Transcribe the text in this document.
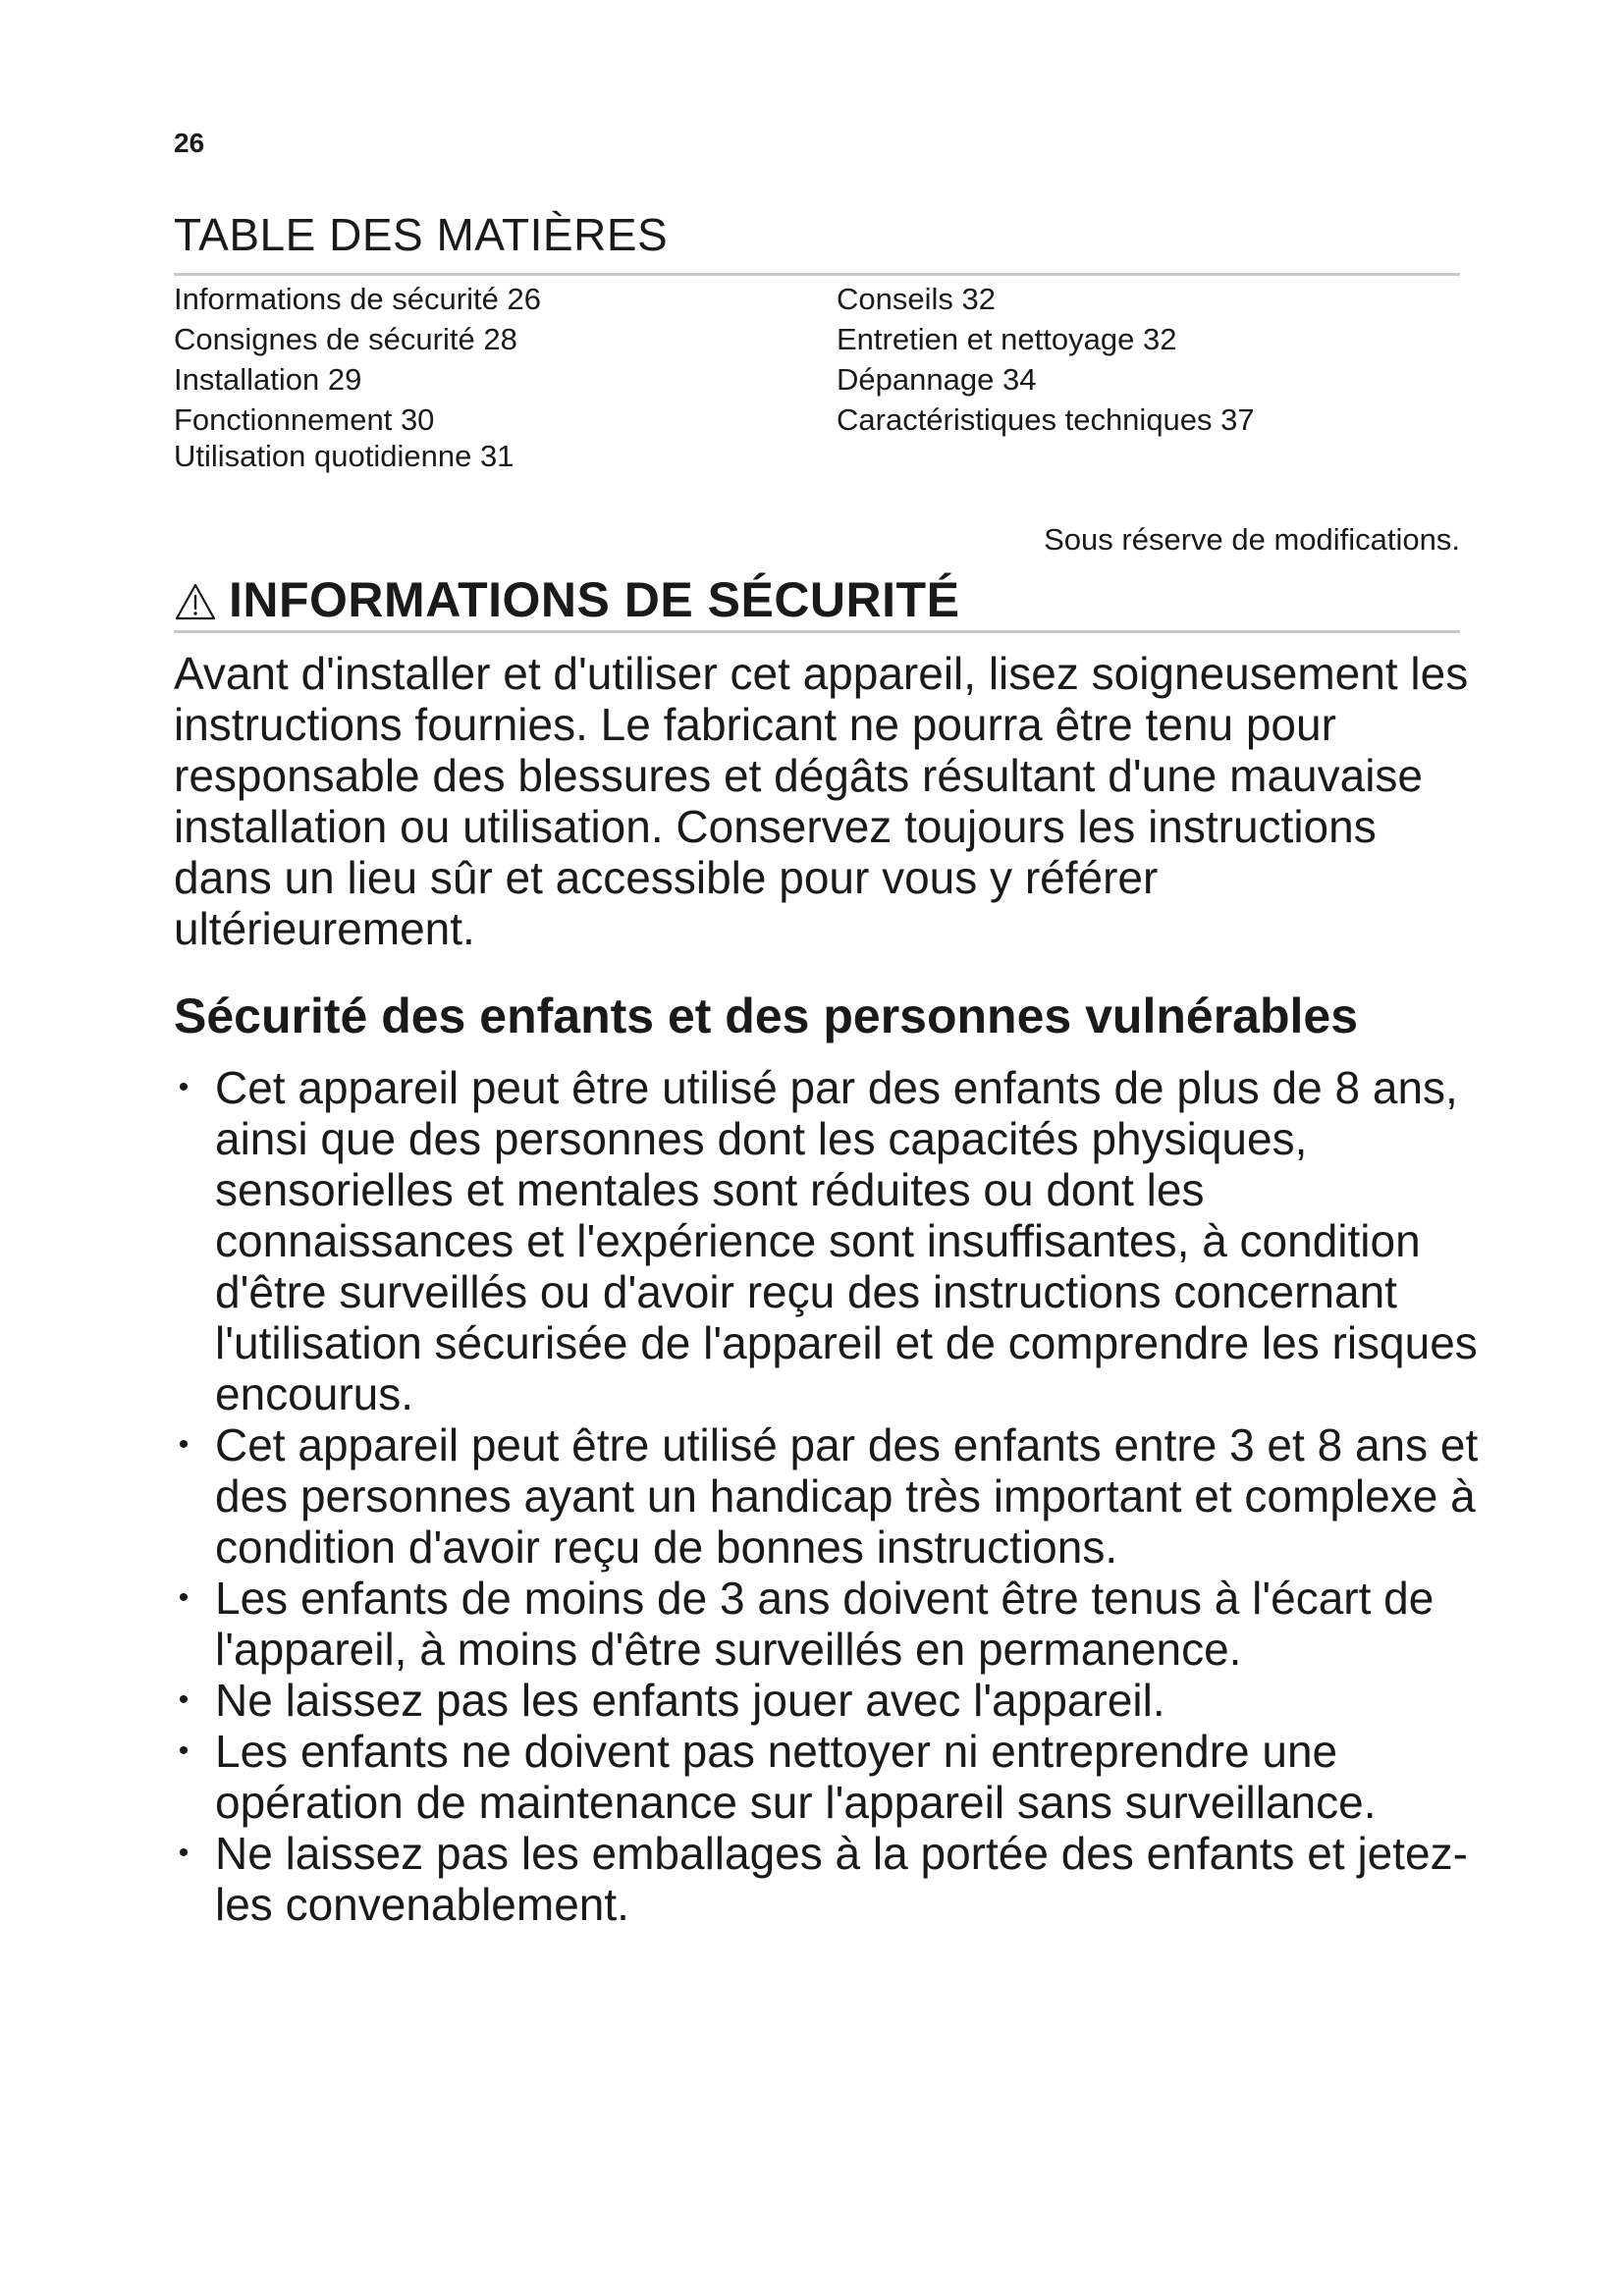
26
TABLE DES MATIÈRES
Informations de sécurité 26
Consignes de sécurité 28
Installation 29
Fonctionnement 30
Utilisation quotidienne 31
Conseils 32
Entretien et nettoyage 32
Dépannage 34
Caractéristiques techniques 37
Sous réserve de modifications.
INFORMATIONS DE SÉCURITÉ

Avant d'installer et d'utiliser cet appareil, lisez soigneusement les instructions fournies. Le fabricant ne pourra être tenu pour responsable des blessures et dégâts résultant d'une mauvaise installation ou utilisation. Conservez toujours les instructions dans un lieu sûr et accessible pour vous y référer ultérieurement.

Sécurité des enfants et des personnes vulnérables
• Cet appareil peut être utilisé par des enfants de plus de 8 ans, ainsi que des personnes dont les capacités physiques, sensorielles et mentales sont réduites ou dont les connaissances et l'expérience sont insuffisantes, à condition d'être surveillés ou d'avoir reçu des instructions concernant l'utilisation sécurisée de l'appareil et de comprendre les risques encourus.
• Cet appareil peut être utilisé par des enfants entre 3 et 8 ans et des personnes ayant un handicap très important et complexe à condition d'avoir reçu de bonnes instructions.
• Les enfants de moins de 3 ans doivent être tenus à l'écart de l'appareil, à moins d'être surveillés en permanence.
• Ne laissez pas les enfants jouer avec l'appareil.
• Les enfants ne doivent pas nettoyer ni entreprendre une opération de maintenance sur l'appareil sans surveillance.
• Ne laissez pas les emballages à la portée des enfants et jetez-les convenablement.
